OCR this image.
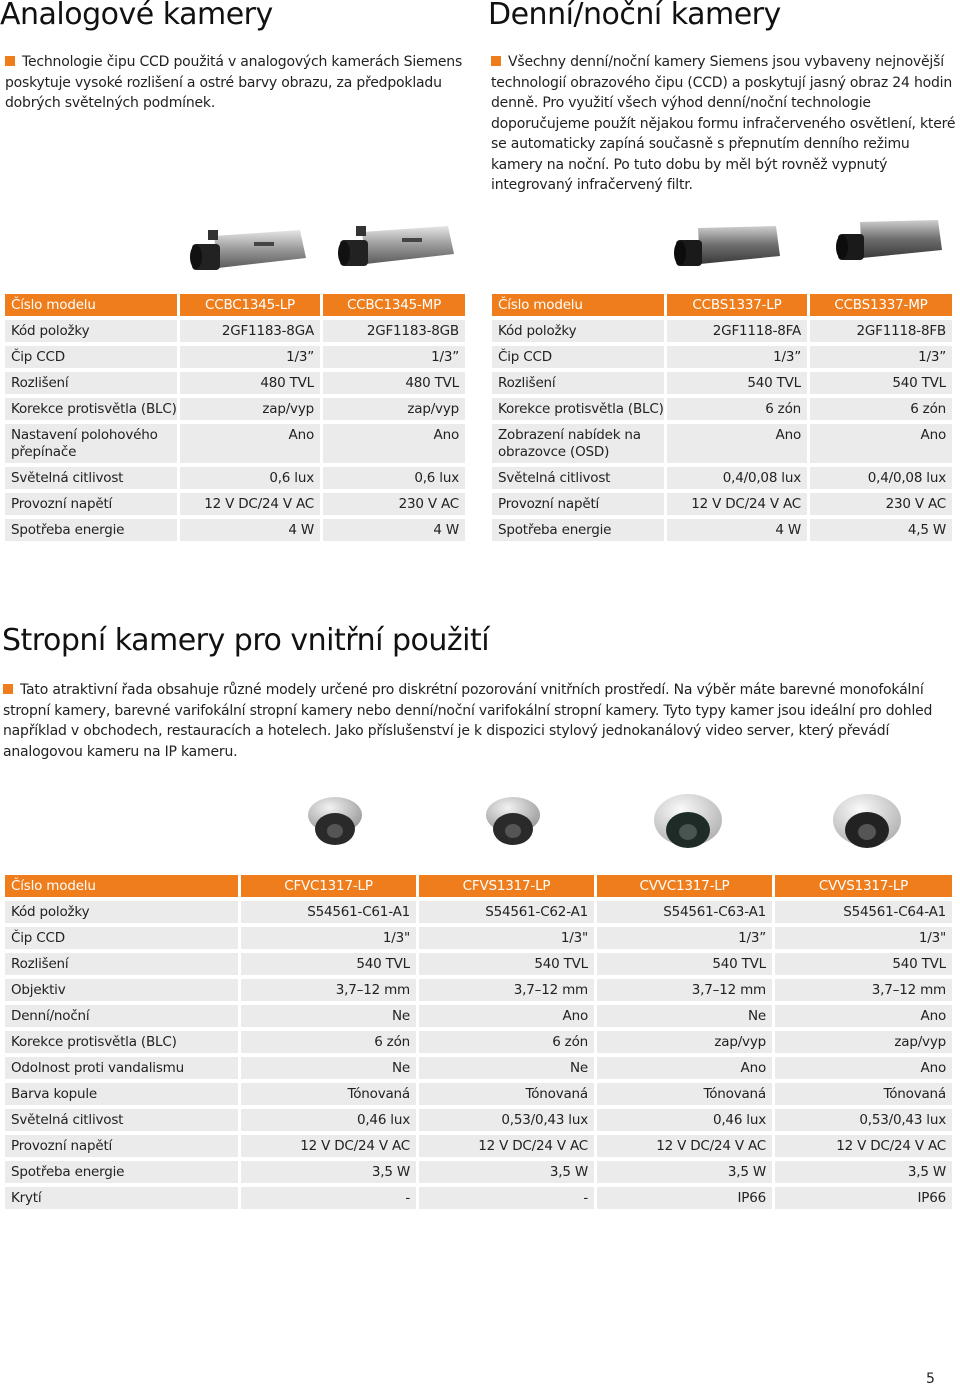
Analogové kamery	Denní/noční kamery

Technologie čipu CCD použitá v analogových kamerách Siemens poskytuje vysoké rozlišení a ostré barvy obrazu, za předpokladu dobrých světelných podmínek.

Všechny denní/noční kamery Siemens jsou vybaveny nejnovější technologií obrazového čipu (CCD) a poskytují jasný obraz 24 hodin denně. Pro využití všech výhod denní/noční technologie doporučujeme použít nějakou formu infračerveného osvětlení, které se automaticky zapíná současně s přepnutím denního režimu kamery na noční. Po tuto dobu by měl být rovněž vypnutý integrovaný infračervený filtr.

Číslo modelu	CCBC1345-LP	CCBC1345-MP
Kód položky	2GF1183-8GA	2GF1183-8GB
Čip CCD	1/3”	1/3”
Rozlišení	480 TVL	480 TVL
Korekce protisvětla (BLC)	zap/vyp	zap/vyp
Nastavení polohového přepínače	Ano	Ano
Světelná citlivost	0,6 lux	0,6 lux
Provozní napětí	12 V DC/24 V AC	230 V AC
Spotřeba energie	4 W	4 W
Číslo modelu	CCBS1337-LP	CCBS1337-MP
Kód položky	2GF1118-8FA	2GF1118-8FB
Čip CCD	1/3”	1/3”
Rozlišení	540 TVL	540 TVL
Korekce protisvětla (BLC)	6 zón	6 zón
Zobrazení nabídek na obrazovce (OSD)	Ano	Ano
Světelná citlivost	0,4/0,08 lux	0,4/0,08 lux
Provozní napětí	12 V DC/24 V AC	230 V AC
Spotřeba energie	4 W	4,5 W
Stropní kamery pro vnitřní použití

Tato atraktivní řada obsahuje různé modely určené pro diskrétní pozorování vnitřních prostředí. Na výběr máte barevné monofokální stropní kamery, barevné varifokální stropní kamery nebo denní/noční varifokální stropní kamery. Tyto typy kamer jsou ideální pro dohled například v obchodech, restauracích a hotelech. Jako příslušenství je k dispozici stylový jednokanálový video server, který převádí analogovou kameru na IP kameru.

Číslo modelu	CFVC1317-LP	CFVS1317-LP	CVVC1317-LP	CVVS1317-LP
Kód položky	S54561-C61-A1	S54561-C62-A1	S54561-C63-A1	S54561-C64-A1
Čip CCD	1/3"	1/3"	1/3”	1/3"
Rozlišení	540 TVL	540 TVL	540 TVL	540 TVL
Objektiv	3,7–12 mm	3,7–12 mm	3,7–12 mm	3,7–12 mm
Denní/noční	Ne	Ano	Ne	Ano
Korekce protisvětla (BLC)	6 zón	6 zón	zap/vyp	zap/vyp
Odolnost proti vandalismu	Ne	Ne	Ano	Ano
Barva kopule	Tónovaná	Tónovaná	Tónovaná	Tónovaná
Světelná citlivost	0,46 lux	0,53/0,43 lux	0,46 lux	0,53/0,43 lux
Provozní napětí	12 V DC/24 V AC	12 V DC/24 V AC	12 V DC/24 V AC	12 V DC/24 V AC
Spotřeba energie	3,5 W	3,5 W	3,5 W	3,5 W
Krytí	-	-	IP66	IP66
5
